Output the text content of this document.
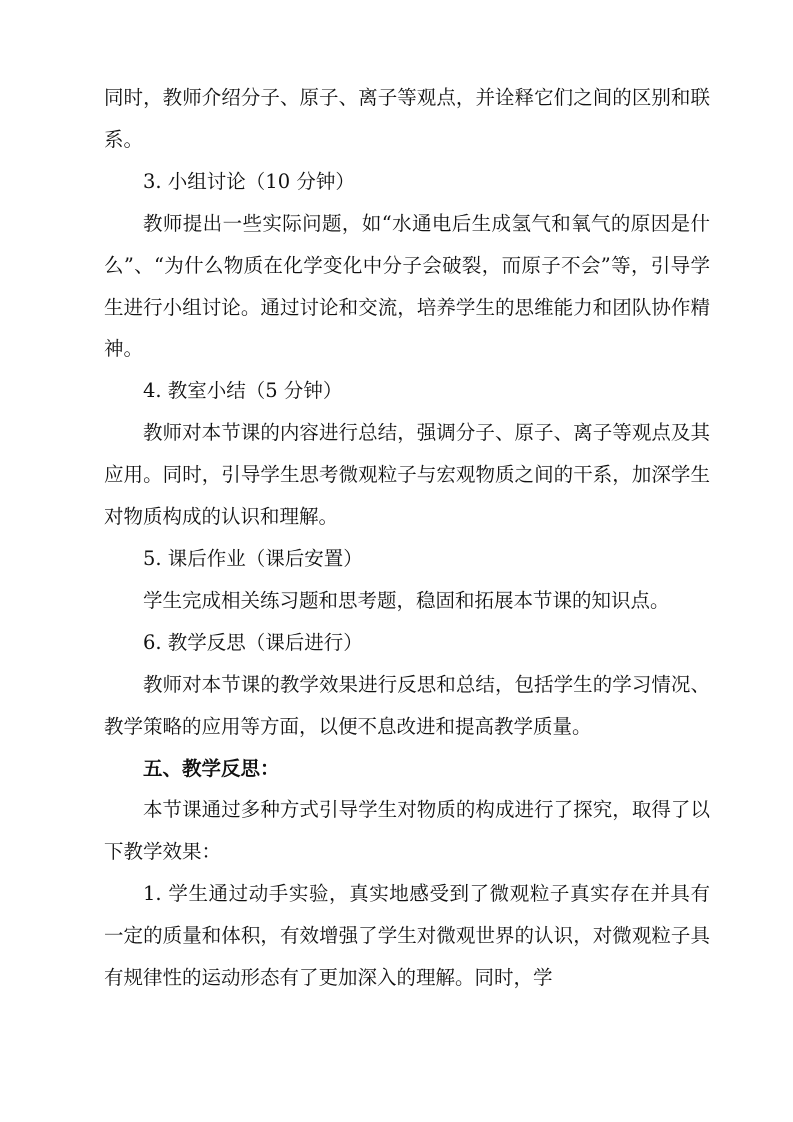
同时，教师介绍分子、原子、离子等观点，并诠释它们之间的区别和联系。

3. 小组讨论（10 分钟）

教师提出一些实际问题，如“水通电后生成氢气和氧气的原因是什么”、“为什么物质在化学变化中分子会破裂，而原子不会”等，引导学生进行小组讨论。通过讨论和交流，培养学生的思维能力和团队协作精神。

4. 教室小结（5 分钟）

教师对本节课的内容进行总结，强调分子、原子、离子等观点及其应用。同时，引导学生思考微观粒子与宏观物质之间的干系，加深学生对物质构成的认识和理解。

5. 课后作业（课后安置）

学生完成相关练习题和思考题，稳固和拓展本节课的知识点。

6. 教学反思（课后进行）

教师对本节课的教学效果进行反思和总结，包括学生的学习情况、教学策略的应用等方面，以便不息改进和提高教学质量。

五、教学反思：

本节课通过多种方式引导学生对物质的构成进行了探究，取得了以下教学效果：

1. 学生通过动手实验，真实地感受到了微观粒子真实存在并具有一定的质量和体积，有效增强了学生对微观世界的认识，对微观粒子具有规律性的运动形态有了更加深入的理解。同时，学
